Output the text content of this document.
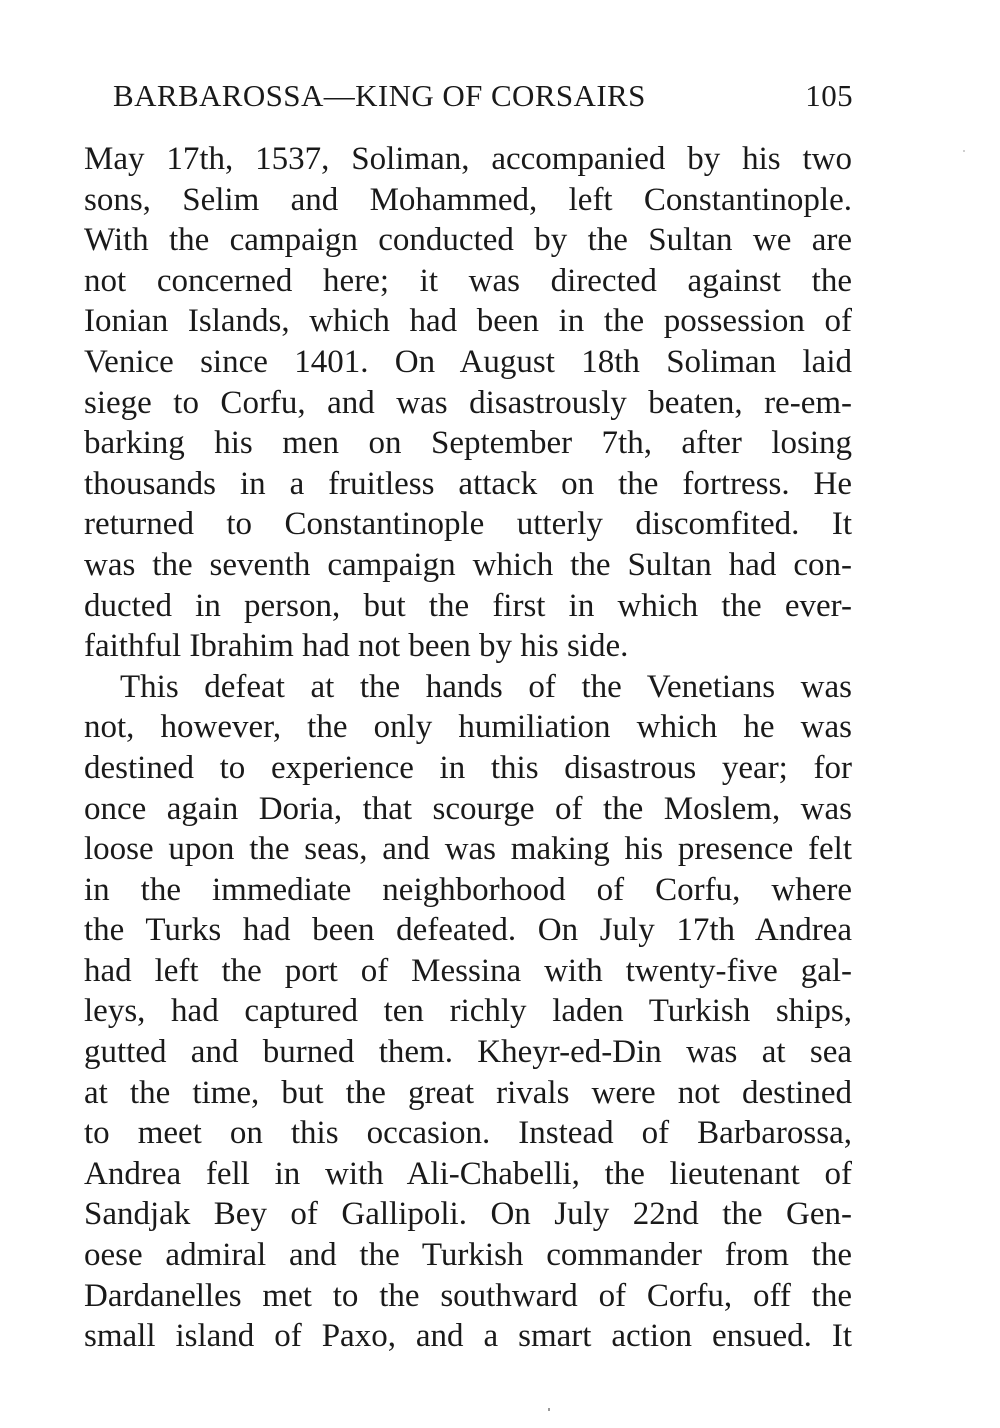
BARBAROSSA—KING OF CORSAIRS	105
May 17th, 1537, Soliman, accompanied by his two
sons, Selim and Mohammed, left Constantinople.
With the campaign conducted by the Sultan we are
not concerned here; it was directed against the
Ionian Islands, which had been in the possession of
Venice since 1401. On August 18th Soliman laid
siege to Corfu, and was disastrously beaten, re-em-
barking his men on September 7th, after losing
thousands in a fruitless attack on the fortress. He
returned to Constantinople utterly discomfited. It
was the seventh campaign which the Sultan had con-
ducted in person, but the first in which the ever-
faithful Ibrahim had not been by his side.
This defeat at the hands of the Venetians was
not, however, the only humiliation which he was
destined to experience in this disastrous year; for
once again Doria, that scourge of the Moslem, was
loose upon the seas, and was making his presence felt
in the immediate neighborhood of Corfu, where
the Turks had been defeated. On July 17th Andrea
had left the port of Messina with twenty-five gal-
leys, had captured ten richly laden Turkish ships,
gutted and burned them. Kheyr-ed-Din was at sea
at the time, but the great rivals were not destined
to meet on this occasion. Instead of Barbarossa,
Andrea fell in with Ali-Chabelli, the lieutenant of
Sandjak Bey of Gallipoli. On July 22nd the Gen-
oese admiral and the Turkish commander from the
Dardanelles met to the southward of Corfu, off the
small island of Paxo, and a smart action ensued. It
